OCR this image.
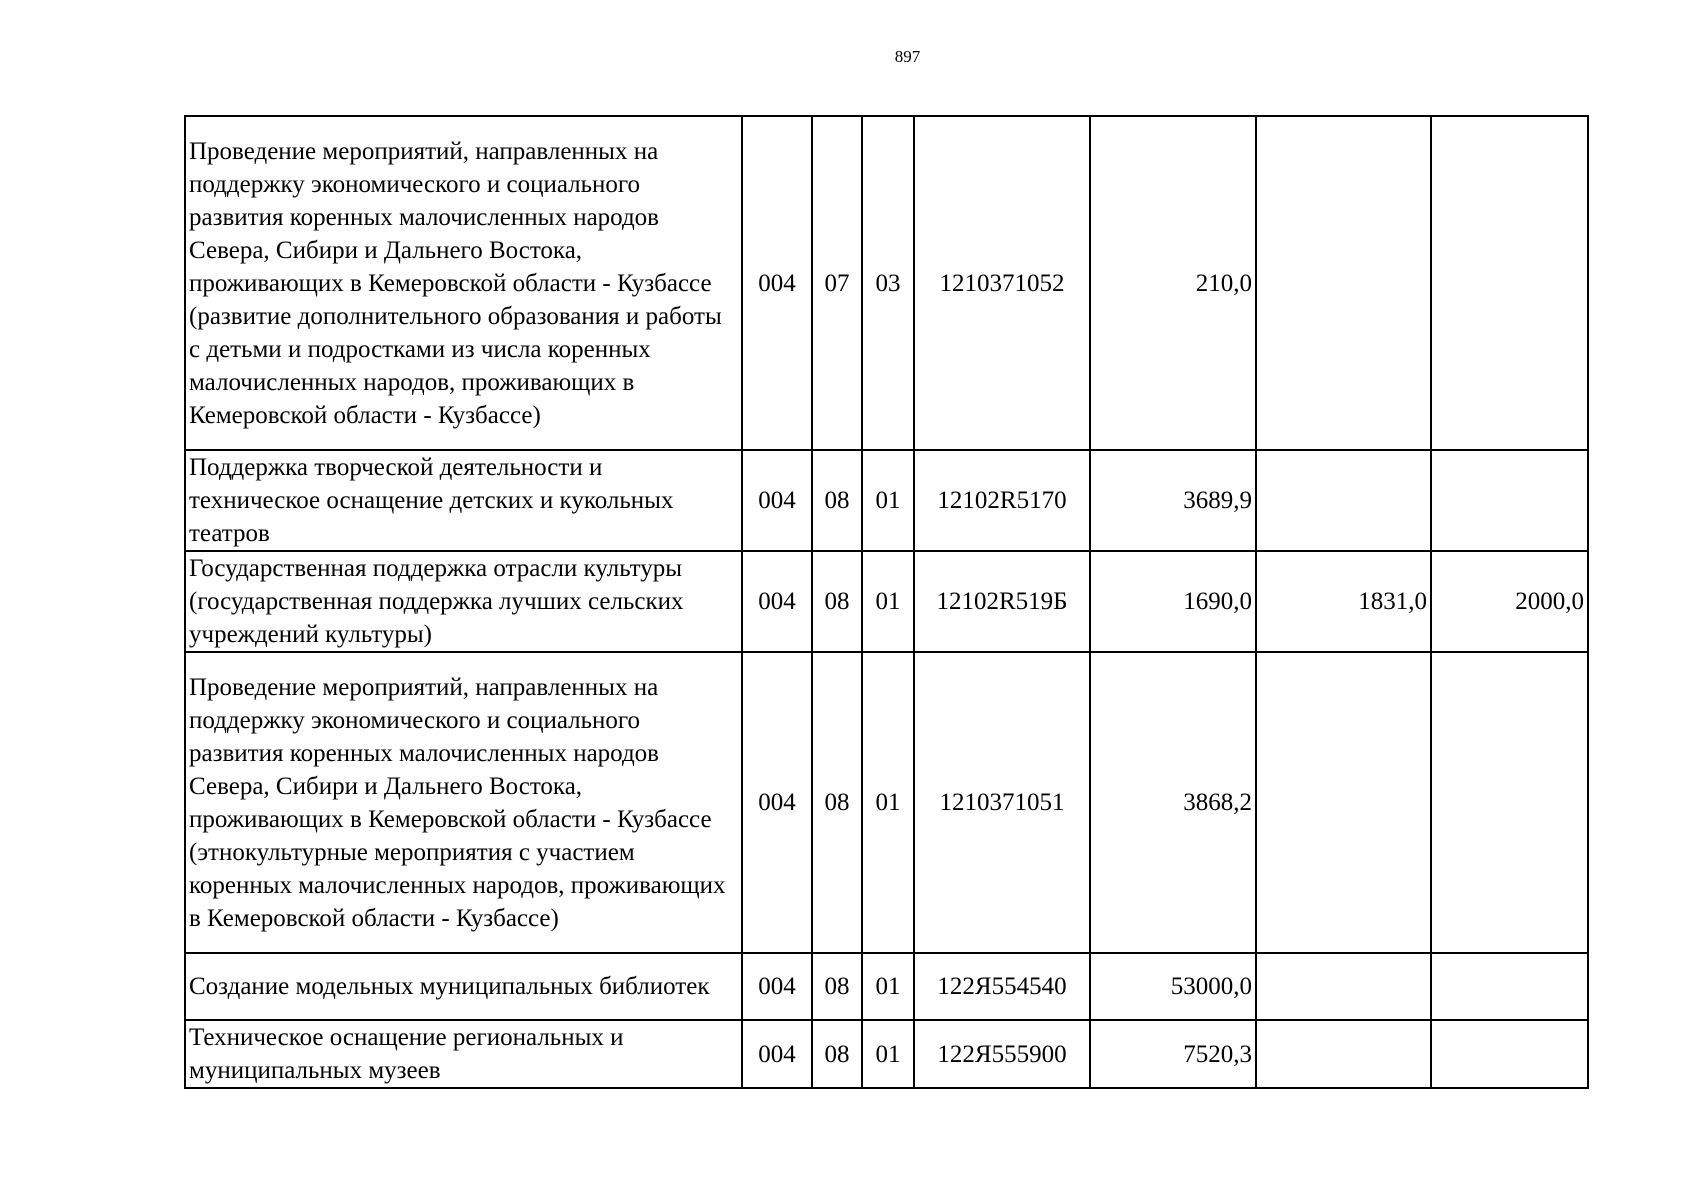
897
Проведение мероприятий, направленных на поддержку экономического и социального развития коренных малочисленных народов Севера, Сибири и Дальнего Востока, проживающих в Кемеровской области - Кузбассе (развитие дополнительного образования и работы с детьми и подростками из числа коренных малочисленных народов, проживающих в Кемеровской области - Кузбассе)	004	07	03	1210371052	210,0		
Поддержка творческой деятельности и техническое оснащение детских и кукольных театров	004	08	01	12102R5170	3689,9		
Государственная поддержка отрасли культуры (государственная поддержка лучших сельских учреждений культуры)	004	08	01	12102R519Б	1690,0	1831,0	2000,0
Проведение мероприятий, направленных на поддержку экономического и социального развития коренных малочисленных народов Севера, Сибири и Дальнего Востока, проживающих в Кемеровской области - Кузбассе (этнокультурные мероприятия с участием коренных малочисленных народов, проживающих в Кемеровской области - Кузбассе)	004	08	01	1210371051	3868,2		
Создание модельных муниципальных библиотек	004	08	01	122Я554540	53000,0		
Техническое оснащение региональных и муниципальных музеев	004	08	01	122Я555900	7520,3		
